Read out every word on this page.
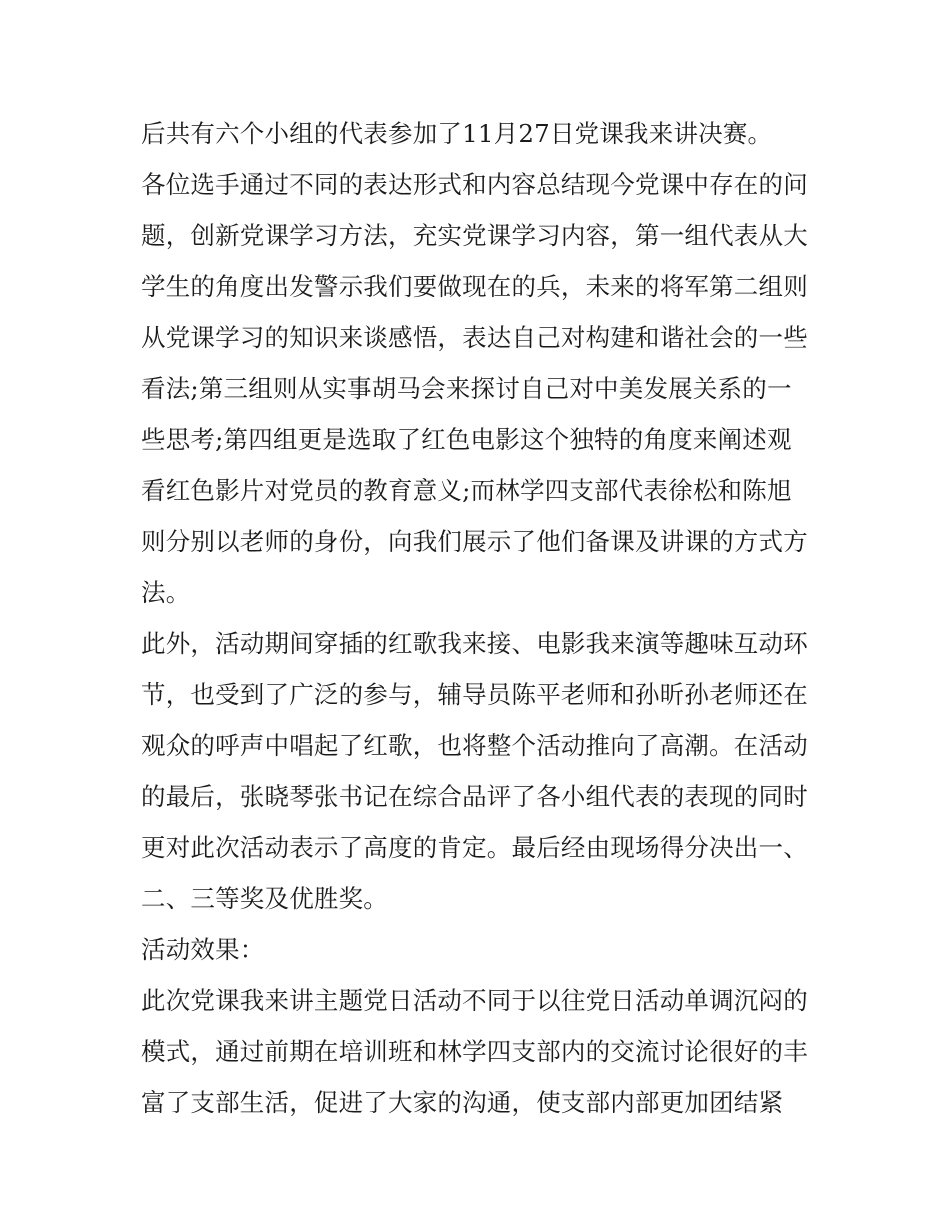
后共有六个小组的代表参加了11月27日党课我来讲决赛。
各位选手通过不同的表达形式和内容总结现今党课中存在的问
题，创新党课学习方法，充实党课学习内容，第一组代表从大
学生的角度出发警示我们要做现在的兵，未来的将军第二组则
从党课学习的知识来谈感悟，表达自己对构建和谐社会的一些
看法;第三组则从实事胡马会来探讨自己对中美发展关系的一
些思考;第四组更是选取了红色电影这个独特的角度来阐述观
看红色影片对党员的教育意义;而林学四支部代表徐松和陈旭
则分别以老师的身份，向我们展示了他们备课及讲课的方式方
法。
此外，活动期间穿插的红歌我来接、电影我来演等趣味互动环
节，也受到了广泛的参与，辅导员陈平老师和孙昕孙老师还在
观众的呼声中唱起了红歌，也将整个活动推向了高潮。在活动
的最后，张晓琴张书记在综合品评了各小组代表的表现的同时
更对此次活动表示了高度的肯定。最后经由现场得分决出一、
二、三等奖及优胜奖。
活动效果：
此次党课我来讲主题党日活动不同于以往党日活动单调沉闷的
模式，通过前期在培训班和林学四支部内的交流讨论很好的丰
富了支部生活，促进了大家的沟通，使支部内部更加团结紧
